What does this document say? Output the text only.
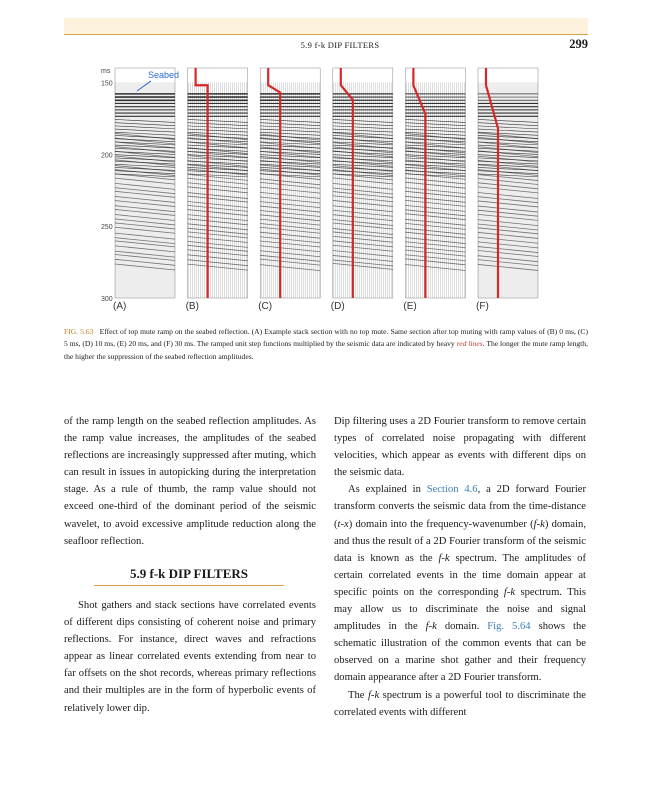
5.9 f-k DIP FILTERS	299
ms
150
200
250
300
(A)	(B)	(C)	(D)	(E)	(F)
Seabed
FIG. 5.63 Effect of top mute ramp on the seabed reflection. (A) Example stack section with no top mute. Same section after top muting with ramp values of (B) 0 ms, (C) 5 ms, (D) 10 ms, (E) 20 ms, and (F) 30 ms. The ramped unit step functions multiplied by the seismic data are indicated by heavy red lines. The longer the mute ramp length, the higher the suppression of the seabed reflection amplitudes.

of the ramp length on the seabed reflection amplitudes. As the ramp value increases, the amplitudes of the seabed reflections are increasingly suppressed after muting, which can result in issues in autopicking during the interpretation stage. As a rule of thumb, the ramp value should not exceed one-third of the dominant period of the seismic wavelet, to avoid excessive amplitude reduction along the seafloor reflection.

5.9 f-k DIP FILTERS

Shot gathers and stack sections have correlated events of different dips consisting of coherent noise and primary reflections. For instance, direct waves and refractions appear as linear correlated events extending from near to far offsets on the shot records, whereas primary reflections and their multiples are in the form of hyperbolic events of relatively lower dip.

Dip filtering uses a 2D Fourier transform to remove certain types of correlated noise propagating with different velocities, which appear as events with different dips on the seismic data.

As explained in Section 4.6, a 2D forward Fourier transform converts the seismic data from the time-distance (t-x) domain into the frequency-wavenumber (f-k) domain, and thus the result of a 2D Fourier transform of the seismic data is known as the f-k spectrum. The amplitudes of certain correlated events in the time domain appear at specific points on the corresponding f-k spectrum. This may allow us to discriminate the noise and signal amplitudes in the f-k domain. Fig. 5.64 shows the schematic illustration of the common events that can be observed on a marine shot gather and their frequency domain appearance after a 2D Fourier transform.

The f-k spectrum is a powerful tool to discriminate the correlated events with different
